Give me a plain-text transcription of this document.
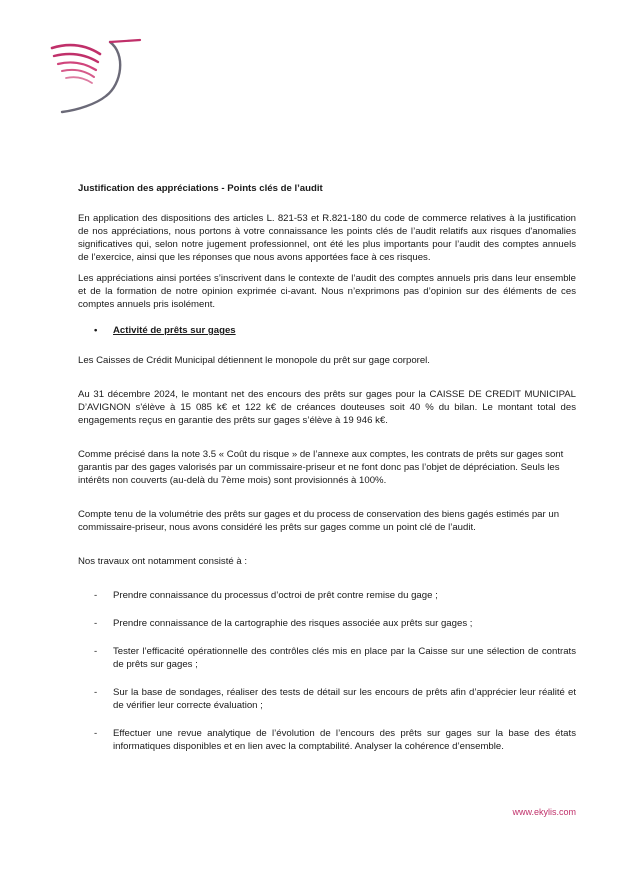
Justification des appréciations - Points clés de l’audit

En application des dispositions des articles L. 821-53 et R.821-180 du code de commerce relatives à la justification de nos appréciations, nous portons à votre connaissance les points clés de l’audit relatifs aux risques d'anomalies significatives qui, selon notre jugement professionnel, ont été les plus importants pour l’audit des comptes annuels de l’exercice, ainsi que les réponses que nous avons apportées face à ces risques.

Les appréciations ainsi portées s’inscrivent dans le contexte de l’audit des comptes annuels pris dans leur ensemble et de la formation de notre opinion exprimée ci-avant. Nous n’exprimons pas d’opinion sur des éléments de ces comptes annuels pris isolément.

•	Activité de prêts sur gages

Les Caisses de Crédit Municipal détiennent le monopole du prêt sur gage corporel.

Au 31 décembre 2024, le montant net des encours des prêts sur gages pour la CAISSE DE CREDIT MUNICIPAL D’AVIGNON s'élève à 15 085 k€ et 122 k€ de créances douteuses soit 40 % du bilan. Le montant total des engagements reçus en garantie des prêts sur gages s’élève à 19 946 k€.

Comme précisé dans la note 3.5 « Coût du risque » de l’annexe aux comptes, les contrats de prêts sur gages sont garantis par des gages valorisés par un commissaire-priseur et ne font donc pas l’objet de dépréciation. Seuls les intérêts non couverts (au-delà du 7ème mois) sont provisionnés à 100%.

Compte tenu de la volumétrie des prêts sur gages et du process de conservation des biens gagés estimés par un commissaire-priseur, nous avons considéré les prêts sur gages comme un point clé de l’audit.

Nos travaux ont notamment consisté à :

-	Prendre connaissance du processus d’octroi de prêt contre remise du gage ;
-	Prendre connaissance de la cartographie des risques associée aux prêts sur gages ;
-	Tester l’efficacité opérationnelle des contrôles clés mis en place par la Caisse sur une sélection de contrats de prêts sur gages ;
-	Sur la base de sondages, réaliser des tests de détail sur les encours de prêts afin d’apprécier leur réalité et de vérifier leur correcte évaluation ;
-	Effectuer une revue analytique de l’évolution de l’encours des prêts sur gages sur la base des états informatiques disponibles et en lien avec la comptabilité. Analyser la cohérence d’ensemble.
www.ekylis.com
